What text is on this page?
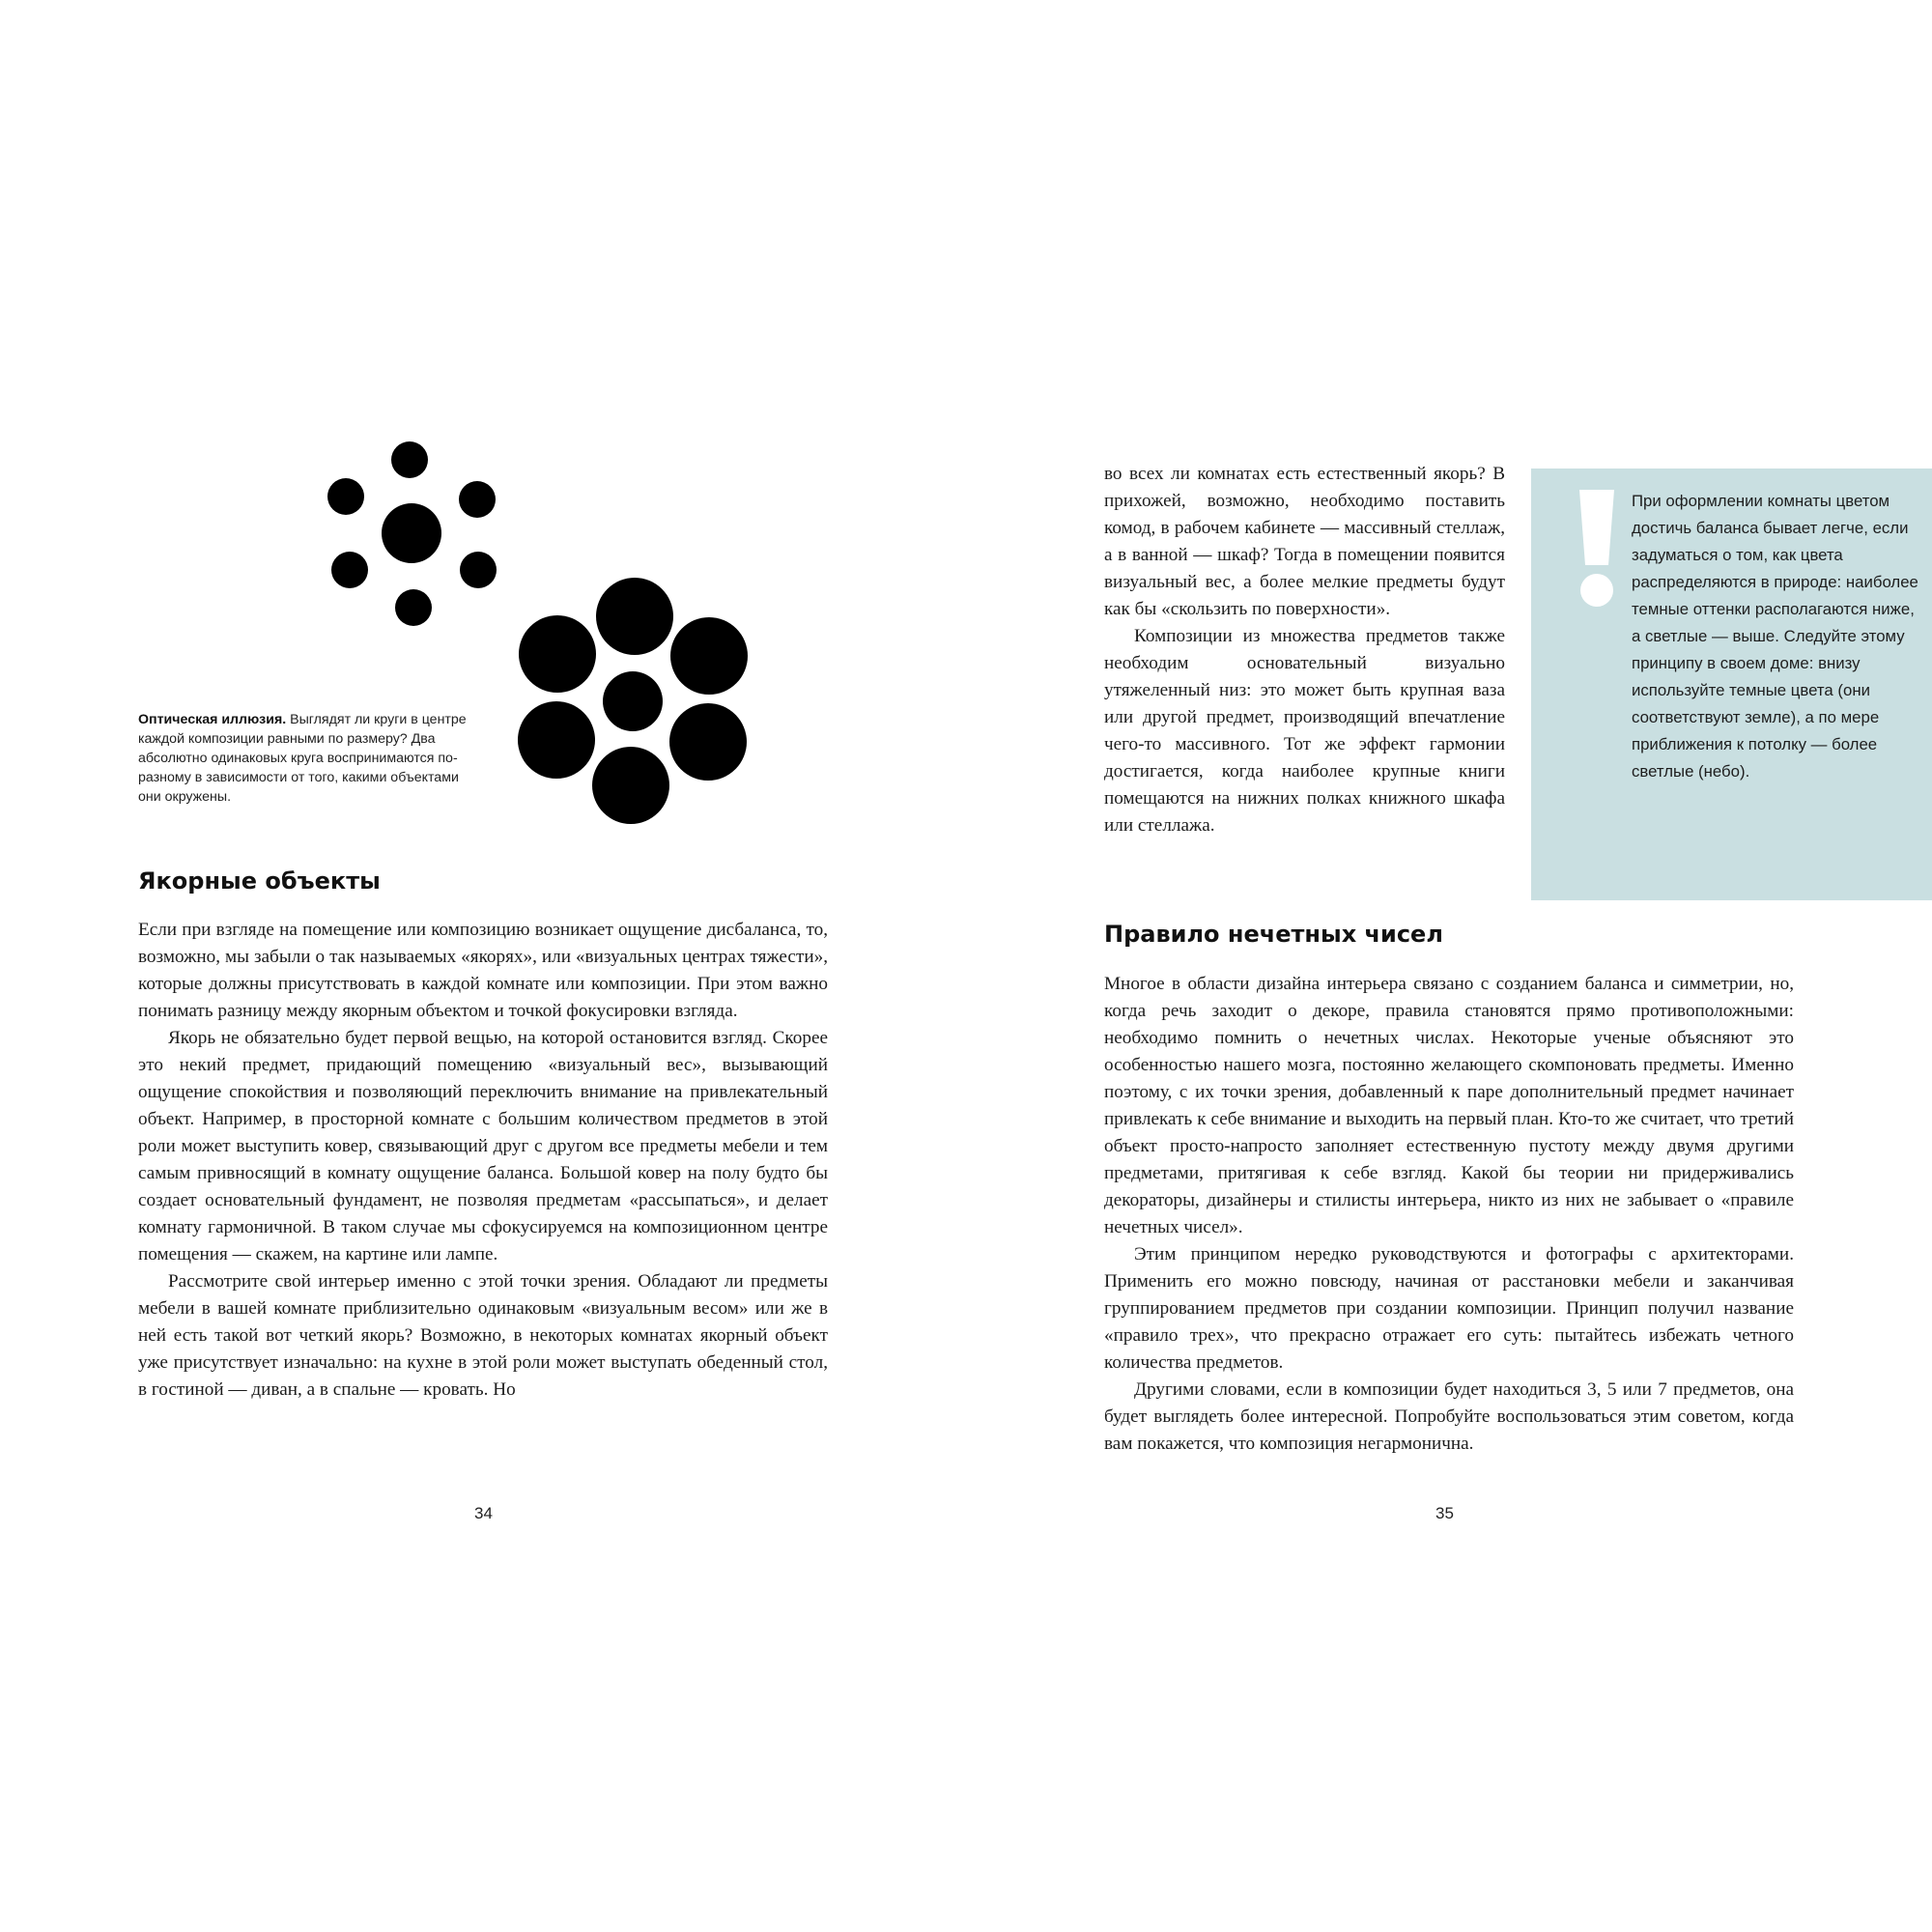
Оптическая иллюзия. Выглядят ли круги в центре каждой композиции равными по размеру? Два абсолютно одинаковых круга воспринимаются по-разному в зависимости от того, какими объектами они окружены.
Якорные объекты

Если при взгляде на помещение или композицию возникает ощущение дисбаланса, то, возможно, мы забыли о так называемых «якорях», или «визуальных центрах тяжести», которые должны присутствовать в каждой комнате или композиции. При этом важно понимать разницу между якорным объектом и точкой фокусировки взгляда.

Якорь не обязательно будет первой вещью, на которой остановится взгляд. Скорее это некий предмет, придающий помещению «визуальный вес», вызывающий ощущение спокойствия и позволяющий переключить внимание на привлекательный объект. Например, в просторной комнате с большим количеством предметов в этой роли может выступить ковер, связывающий друг с другом все предметы мебели и тем самым привносящий в комнату ощущение баланса. Большой ковер на полу будто бы создает основательный фундамент, не позволяя предметам «рассыпаться», и делает комнату гармоничной. В таком случае мы сфокусируемся на композиционном центре помещения — скажем, на картине или лампе.

Рассмотрите свой интерьер именно с этой точки зрения. Обладают ли предметы мебели в вашей комнате приблизительно одинаковым «визуальным весом» или же в ней есть такой вот четкий якорь? Возможно, в некоторых комнатах якорный объект уже присутствует изначально: на кухне в этой роли может выступать обеденный стол, в гостиной — диван, а в спальне — кровать. Но

34

во всех ли комнатах есть естественный якорь? В прихожей, возможно, необходимо поставить комод, в рабочем кабинете — массивный стеллаж, а в ванной — шкаф? Тогда в помещении появится визуальный вес, а более мелкие предметы будут как бы «скользить по поверхности».

Композиции из множества предметов также необходим основательный визуально утяжеленный низ: это может быть крупная ваза или другой предмет, производящий впечатление чего-то массивного. Тот же эффект гармонии достигается, когда наиболее крупные книги помещаются на нижних полках книжного шкафа или стеллажа.

При оформлении комнаты цветом достичь баланса бывает легче, если задуматься о том, как цвета распределяются в природе: наиболее темные оттенки располагаются ниже, а светлые — выше. Следуйте этому принципу в своем доме: внизу используйте темные цвета (они соответствуют земле), а по мере приближения к потолку — более светлые (небо).
Правило нечетных чисел

Многое в области дизайна интерьера связано с созданием баланса и симметрии, но, когда речь заходит о декоре, правила становятся прямо противоположными: необходимо помнить о нечетных числах. Некоторые ученые объясняют это особенностью нашего мозга, постоянно желающего скомпоновать предметы. Именно поэтому, с их точки зрения, добавленный к паре дополнительный предмет начинает привлекать к себе внимание и выходить на первый план. Кто-то же считает, что третий объект просто-напросто заполняет естественную пустоту между двумя другими предметами, притягивая к себе взгляд. Какой бы теории ни придерживались декораторы, дизайнеры и стилисты интерьера, никто из них не забывает о «правиле нечетных чисел».

Этим принципом нередко руководствуются и фотографы с архитекторами. Применить его можно повсюду, начиная от расстановки мебели и заканчивая группированием предметов при создании композиции. Принцип получил название «правило трех», что прекрасно отражает его суть: пытайтесь избежать четного количества предметов.

Другими словами, если в композиции будет находиться 3, 5 или 7 предметов, она будет выглядеть более интересной. Попробуйте воспользоваться этим советом, когда вам покажется, что композиция негармонична.

35
